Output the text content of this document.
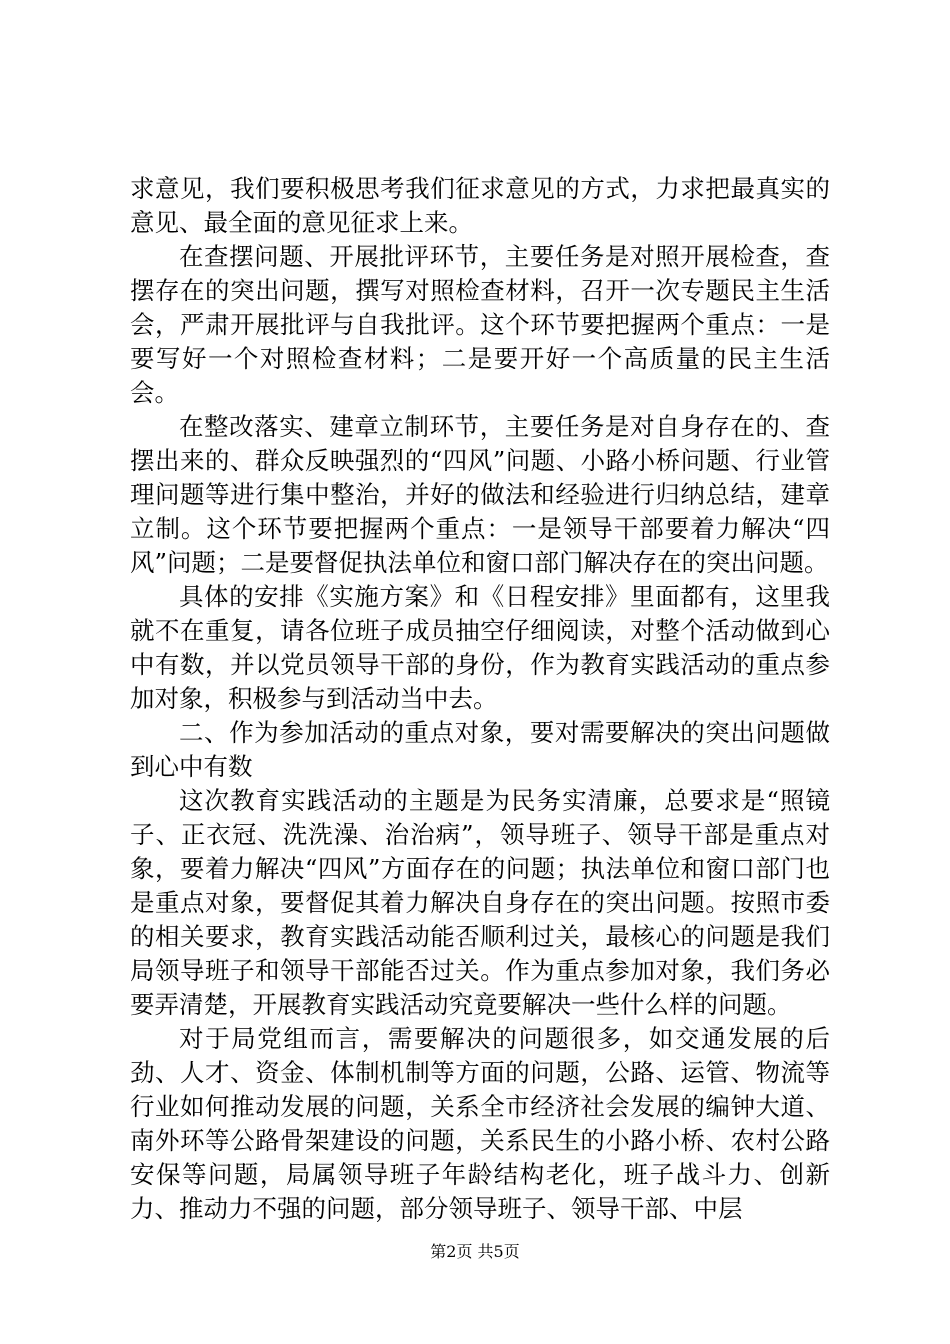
求意见，我们要积极思考我们征求意见的方式，力求把最真实的意见、最全面的意见征求上来。

在查摆问题、开展批评环节，主要任务是对照开展检查，查摆存在的突出问题，撰写对照检查材料，召开一次专题民主生活会，严肃开展批评与自我批评。这个环节要把握两个重点：一是要写好一个对照检查材料；二是要开好一个高质量的民主生活会。

在整改落实、建章立制环节，主要任务是对自身存在的、查摆出来的、群众反映强烈的“四风”问题、小路小桥问题、行业管理问题等进行集中整治，并好的做法和经验进行归纳总结，建章立制。这个环节要把握两个重点：一是领导干部要着力解决“四风”问题；二是要督促执法单位和窗口部门解决存在的突出问题。

具体的安排《实施方案》和《日程安排》里面都有，这里我就不在重复，请各位班子成员抽空仔细阅读，对整个活动做到心中有数，并以党员领导干部的身份，作为教育实践活动的重点参加对象，积极参与到活动当中去。

二、作为参加活动的重点对象，要对需要解决的突出问题做到心中有数

这次教育实践活动的主题是为民务实清廉，总要求是“照镜子、正衣冠、洗洗澡、治治病”，领导班子、领导干部是重点对象，要着力解决“四风”方面存在的问题；执法单位和窗口部门也是重点对象，要督促其着力解决自身存在的突出问题。按照市委的相关要求，教育实践活动能否顺利过关，最核心的问题是我们局领导班子和领导干部能否过关。作为重点参加对象，我们务必要弄清楚，开展教育实践活动究竟要解决一些什么样的问题。

对于局党组而言，需要解决的问题很多，如交通发展的后劲、人才、资金、体制机制等方面的问题，公路、运管、物流等行业如何推动发展的问题，关系全市经济社会发展的编钟大道、南外环等公路骨架建设的问题，关系民生的小路小桥、农村公路安保等问题，局属领导班子年龄结构老化，班子战斗力、创新力、推动力不强的问题，部分领导班子、领导干部、中层

第2页 共5页
